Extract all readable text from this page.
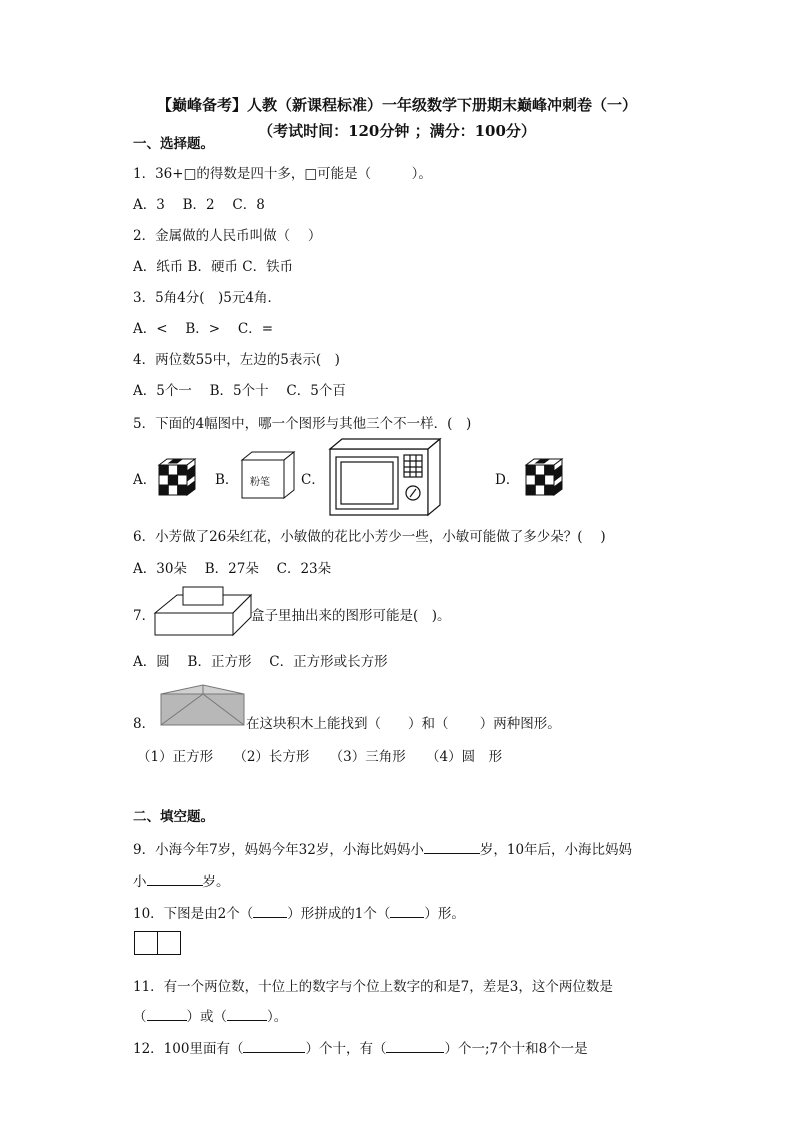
【巅峰备考】人教（新课程标准）一年级数学下册期末巅峰冲刺卷（一）
（考试时间：120分钟 ；满分：100分）
一、选择题。
1．36+□的得数是四十多，□可能是（　　　）。
A．3　 B．2　 C．8
2．金属做的人民币叫做（　 ）
A．纸币 B．硬币 C．铁币
3．5角4分(　)5元4角．
A．<　 B．>　 C．=
4．两位数55中，左边的5表示(　)
A．5个一　 B．5个十　 C．5个百
5．下面的4幅图中，哪一个图形与其他三个不一样．(　)
A．	B． 粉笔 C．	D．
6．小芳做了26朵红花，小敏做的花比小芳少一些，小敏可能做了多少朵？(　 )
A．30朵　 B．27朵　 C．23朵
7．	盒子里抽出来的图形可能是(　)。
A．圆　 B．正方形　 C．正方形或长方形
8．	在这块积木上能找到（　　）和（　　 ）两种图形。
（1）正方形　　（2）长方形　　（3）三角形　　（4）圆　形
二、填空题。
9．小海今年7岁，妈妈今年32岁，小海比妈妈小	岁，10年后，小海比妈妈
小	岁。
10．下图是由2个（	）形拼成的1个（	）形。
11．有一个两位数，十位上的数字与个位上数字的和是7，差是3，这个两位数是
（	）或（	）。
12．100里面有（	）个十，有（	）个一;7个十和8个一是
